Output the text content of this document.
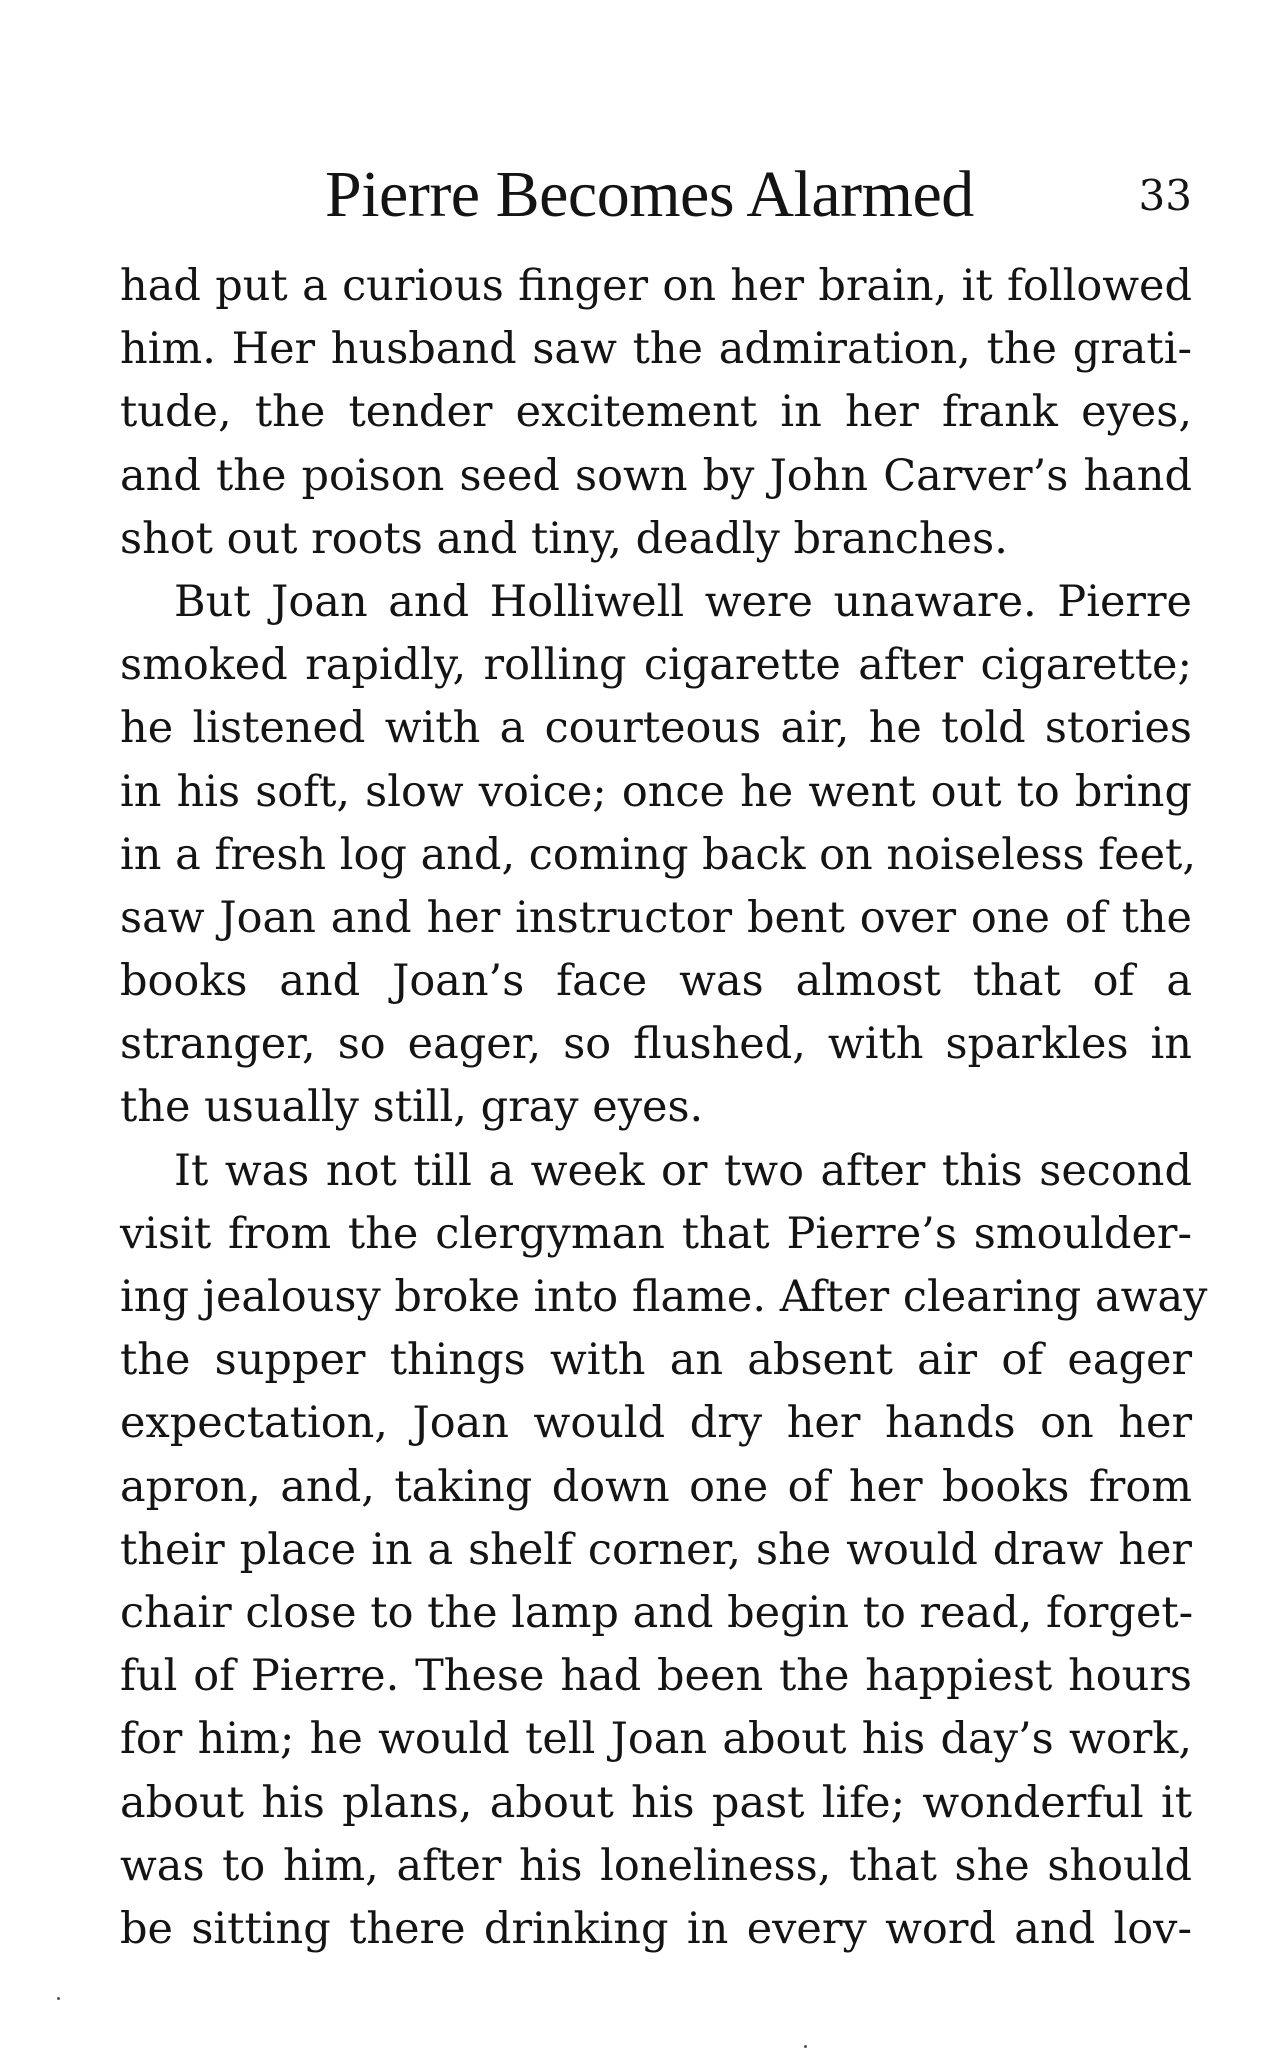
Pierre Becomes Alarmed	33
had put a curious finger on her brain, it followed
him. Her husband saw the admiration, the grati-
tude, the tender excitement in her frank eyes,
and the poison seed sown by John Carver’s hand
shot out roots and tiny, deadly branches.
But Joan and Holliwell were unaware. Pierre
smoked rapidly, rolling cigarette after cigarette;
he listened with a courteous air, he told stories
in his soft, slow voice; once he went out to bring
in a fresh log and, coming back on noiseless feet,
saw Joan and her instructor bent over one of the
books and Joan’s face was almost that of a
stranger, so eager, so flushed, with sparkles in
the usually still, gray eyes.
It was not till a week or two after this second
visit from the clergyman that Pierre’s smoulder-
ing jealousy broke into flame. After clearing away
the supper things with an absent air of eager
expectation, Joan would dry her hands on her
apron, and, taking down one of her books from
their place in a shelf corner, she would draw her
chair close to the lamp and begin to read, forget-
ful of Pierre. These had been the happiest hours
for him; he would tell Joan about his day’s work,
about his plans, about his past life; wonderful it
was to him, after his loneliness, that she should
be sitting there drinking in every word and lov-
